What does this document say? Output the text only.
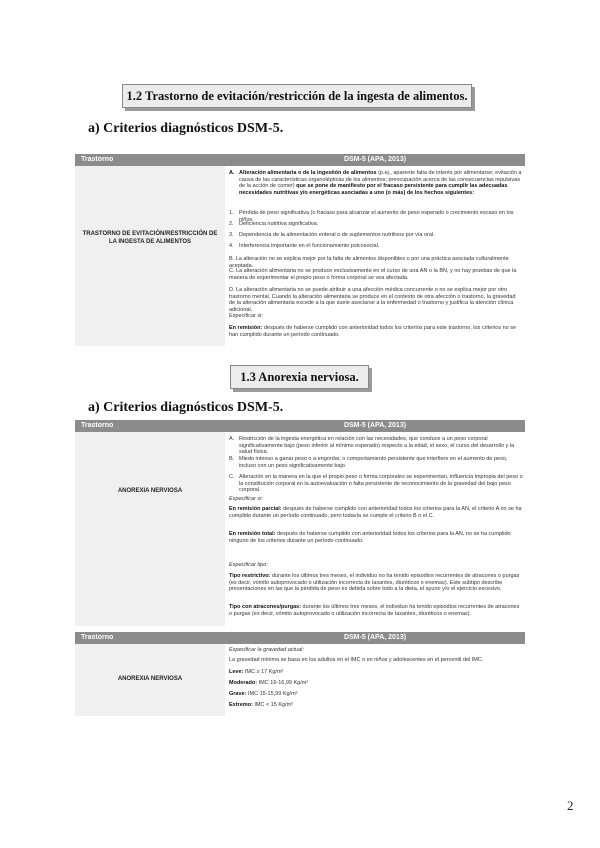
1.2 Trastorno de evitación/restricción de la ingesta de alimentos.
a) Criterios diagnósticos DSM-5.
Trastorno	DSM-5 (APA, 2013)
TRASTORNO DE EVITACIÓN/RESTRICCIÓN DE LA INGESTA DE ALIMENTOS
A. Alteración alimentaria o de la ingestión de alimentos (p.ej., aparente falta de interés por alimentarse; evitación a causa de las características organolépticas de los alimentos; preocupación acerca de las consecuencias repulsivas de la acción de comer) que se pone de manifiesto por el fracaso persistente para cumplir las adecuadas necesidades nutritivas y/o energéticas asociadas a uno (o más) de los hechos siguientes:
1. Pérdida de peso significativa (o fracaso para alcanzar el aumento de peso esperado o crecimiento escaso en los niños.
2. Deficiencia nutritiva significativa.
3. Dependencia de la alimentación enteral o de suplementos nutritivos por vía oral.
4. Interferencia importante en el funcionamiento psicosocial.

B. La alteración no se explica mejor por la falta de alimentos disponibles o por una práctica asociada culturalmente aceptada.

C. La alteración alimentaria no se produce exclusivamente en el curso de una AN o la BN, y no hay pruebas de que la manera de experimentar el propio peso o forma corporal se vea afectada.

D. La alteración alimentaria no se puede atribuir a una afección médica concurrente o no se explica mejor por otro trastorno mental. Cuando la alteración alimentaria se produce en el contexto de otra afección o trastorno, la gravedad de la alteración alimentaria excede a la que suele asociarse a la enfermedad o trastorno y justifica la atención clínica adicional.

Especificar si:

En remisión: después de haberse cumplido con anterioridad todos los criterios para este trastorno, los criterios no se han cumplido durante un período continuado.

1.3 Anorexia nerviosa.
a) Criterios diagnósticos DSM-5.
Trastorno	DSM-5 (APA, 2013)
ANOREXIA NERVIOSA
A. Restricción de la ingesta energética en relación con las necesidades, que conduce a un peso corporal significativamente bajo (peso inferior al mínimo esperado) respecto a la edad, el sexo, el curso del desarrollo y la salud física.
B. Miedo intenso a ganar peso o a engordar, o comportamiento persistente que interfiere en el aumento de peso, incluso con un peso significativamente bajo.
C. Alteración en la manera en la que el propio peso o forma corporales se experimentan, influencia impropia del peso o la constitución corporal en la autoevaluación o falta persistente de reconocimiento de la gravedad del bajo peso corporal.

Especificar si:

En remisión parcial: después de haberse cumplido con anterioridad todos los criterios para la AN, el criterio A no se ha cumplido durante un período continuado, pero todavía se cumple el criterio B o el C.

En remisión total: después de haberse cumplido con anterioridad todos los criterios para la AN, no se ha cumplido ninguno de los criterios durante un período continuado.

Especificar tipo:

Tipo restrictivo: durante los últimos tres meses, el individuo no ha tenido episodios recurrentes de atracones o purgas (es decir, vómito autoprovocado o utilización incorrecta de laxantes, diuréticos o enemas). Este subtipo describe presentaciones en las que la pérdida de peso es debida sobre todo a la dieta, el ayuno y/o el ejercicio excesivo.

Tipo con atracones/purgas: durante los últimos tres meses, el individuo ha tenido episodios recurrentes de atracones o purgas (es decir, vómito autoprovocado o utilización incorrecta de laxantes, diuréticos o enemas).

Trastorno	DSM-5 (APA, 2013)
ANOREXIA NERVIOSA

Especificar la gravedad actual:

La gravedad mínima se basa en los adultos en el IMC o en niños y adolescentes en el percentil del IMC.

Leve: IMC ≥ 17 Kg/m²

Moderado: IMC 16-16,99 Kg/m²

Grave: IMC 15-15,99 Kg/m²

Extremo: IMC < 15 Kg/m²

2
